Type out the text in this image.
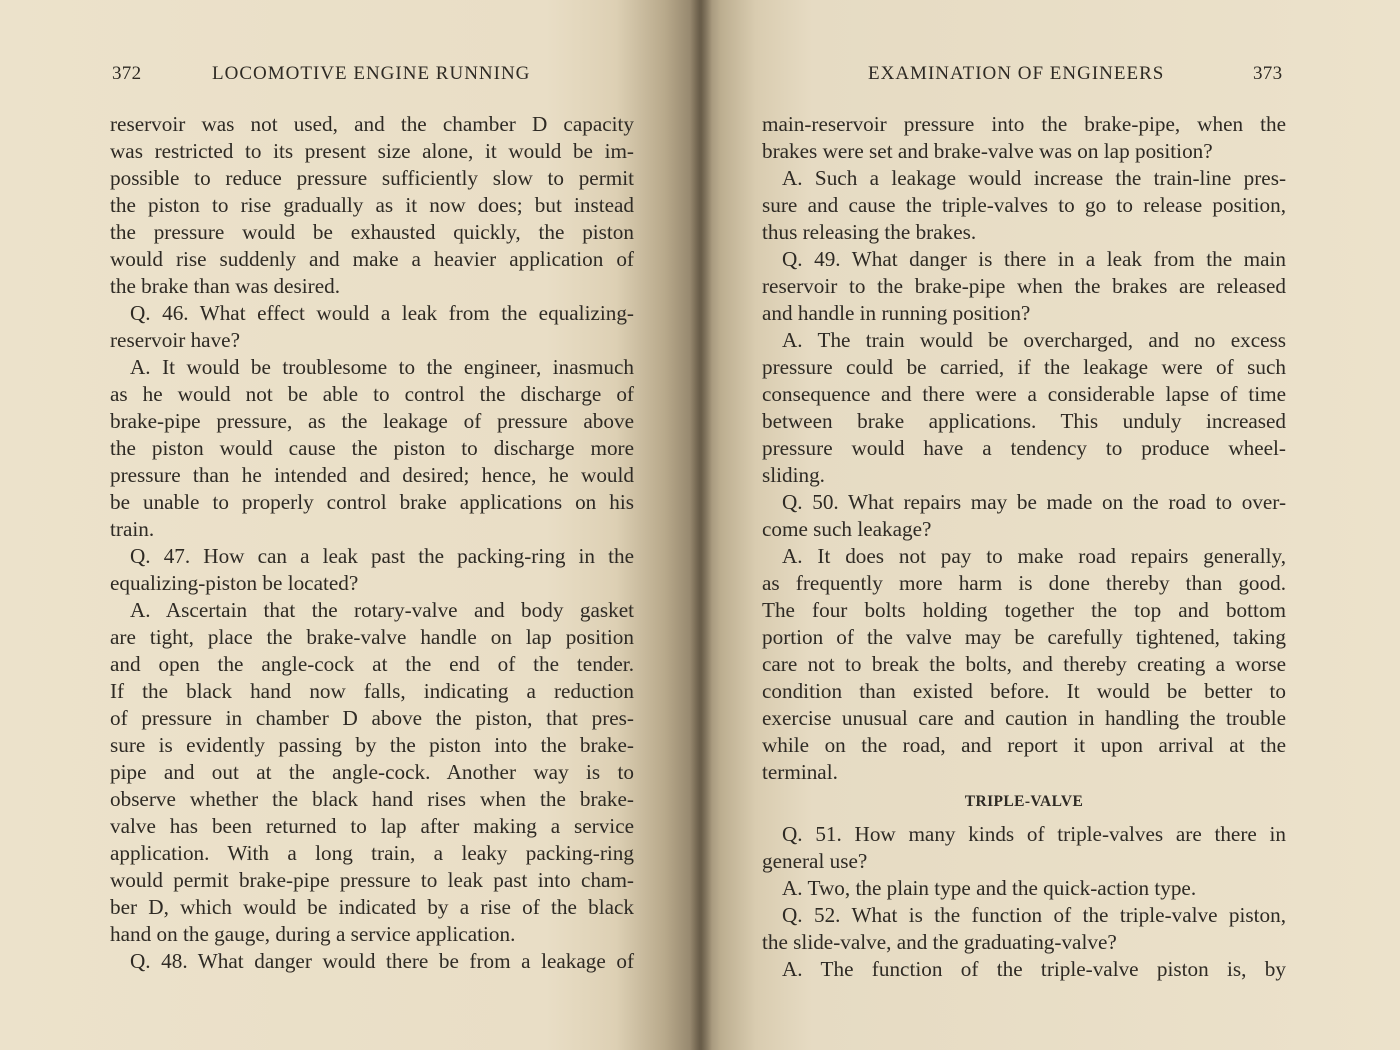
372	LOCOMOTIVE ENGINE RUNNING
reservoir was not used, and the chamber D capacity
was restricted to its present size alone, it would be im-
possible to reduce pressure sufficiently slow to permit
the piston to rise gradually as it now does; but instead
the pressure would be exhausted quickly, the piston
would rise suddenly and make a heavier application of
the brake than was desired.
Q. 46. What effect would a leak from the equalizing-
reservoir have?
A. It would be troublesome to the engineer, inasmuch
as he would not be able to control the discharge of
brake-pipe pressure, as the leakage of pressure above
the piston would cause the piston to discharge more
pressure than he intended and desired; hence, he would
be unable to properly control brake applications on his
train.
Q. 47. How can a leak past the packing-ring in the
equalizing-piston be located?
A. Ascertain that the rotary-valve and body gasket
are tight, place the brake-valve handle on lap position
and open the angle-cock at the end of the tender.
If the black hand now falls, indicating a reduction
of pressure in chamber D above the piston, that pres-
sure is evidently passing by the piston into the brake-
pipe and out at the angle-cock. Another way is to
observe whether the black hand rises when the brake-
valve has been returned to lap after making a service
application. With a long train, a leaky packing-ring
would permit brake-pipe pressure to leak past into cham-
ber D, which would be indicated by a rise of the black
hand on the gauge, during a service application.
Q. 48. What danger would there be from a leakage of
EXAMINATION OF ENGINEERS	373
main-reservoir pressure into the brake-pipe, when the
brakes were set and brake-valve was on lap position?
A. Such a leakage would increase the train-line pres-
sure and cause the triple-valves to go to release position,
thus releasing the brakes.
Q. 49. What danger is there in a leak from the main
reservoir to the brake-pipe when the brakes are released
and handle in running position?
A. The train would be overcharged, and no excess
pressure could be carried, if the leakage were of such
consequence and there were a considerable lapse of time
between brake applications. This unduly increased
pressure would have a tendency to produce wheel-
sliding.
Q. 50. What repairs may be made on the road to over-
come such leakage?
A. It does not pay to make road repairs generally,
as frequently more harm is done thereby than good.
The four bolts holding together the top and bottom
portion of the valve may be carefully tightened, taking
care not to break the bolts, and thereby creating a worse
condition than existed before. It would be better to
exercise unusual care and caution in handling the trouble
while on the road, and report it upon arrival at the
terminal.
TRIPLE-VALVE
Q. 51. How many kinds of triple-valves are there in
general use?
A. Two, the plain type and the quick-action type.
Q. 52. What is the function of the triple-valve piston,
the slide-valve, and the graduating-valve?
A. The function of the triple-valve piston is, by
